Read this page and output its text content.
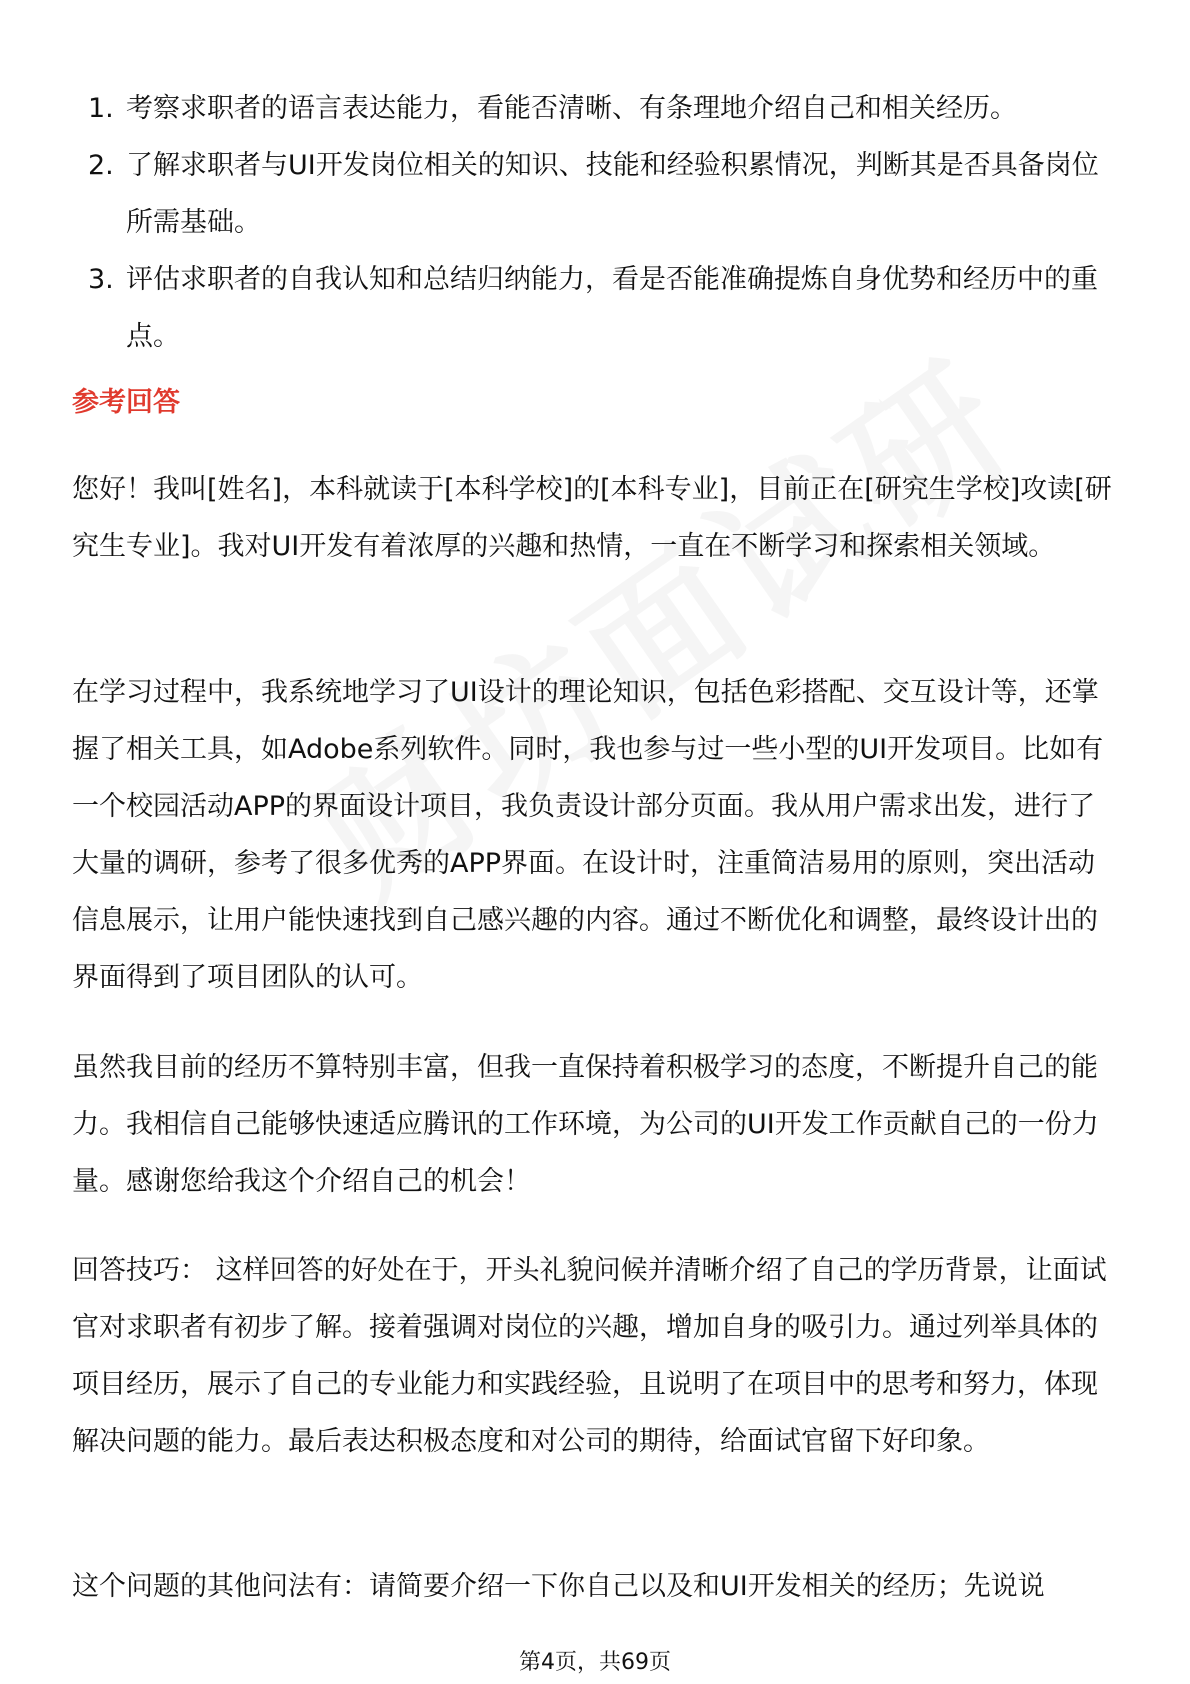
1. 考察求职者的语言表达能力，看能否清晰、有条理地介绍自己和相关经历。
2. 了解求职者与UI开发岗位相关的知识、技能和经验积累情况，判断其是否具备岗位所需基础。
3. 评估求职者的自我认知和总结归纳能力，看是否能准确提炼自身优势和经历中的重点。
参考回答

您好！我叫[姓名]，本科就读于[本科学校]的[本科专业]，目前正在[研究生学校]攻读[研究生专业]。我对UI开发有着浓厚的兴趣和热情，一直在不断学习和探索相关领域。

在学习过程中，我系统地学习了UI设计的理论知识，包括色彩搭配、交互设计等，还掌握了相关工具，如Adobe系列软件。同时，我也参与过一些小型的UI开发项目。比如有一个校园活动APP的界面设计项目，我负责设计部分页面。我从用户需求出发，进行了大量的调研，参考了很多优秀的APP界面。在设计时，注重简洁易用的原则，突出活动信息展示，让用户能快速找到自己感兴趣的内容。通过不断优化和调整，最终设计出的界面得到了项目团队的认可。

虽然我目前的经历不算特别丰富，但我一直保持着积极学习的态度，不断提升自己的能力。我相信自己能够快速适应腾讯的工作环境，为公司的UI开发工作贡献自己的一份力量。感谢您给我这个介绍自己的机会！

回答技巧： 这样回答的好处在于，开头礼貌问候并清晰介绍了自己的学历背景，让面试官对求职者有初步了解。接着强调对岗位的兴趣，增加自身的吸引力。通过列举具体的项目经历，展示了自己的专业能力和实践经验，且说明了在项目中的思考和努力，体现解决问题的能力。最后表达积极态度和对公司的期待，给面试官留下好印象。

这个问题的其他问法有：请简要介绍一下你自己以及和UI开发相关的经历；先说说

第4页，共69页
